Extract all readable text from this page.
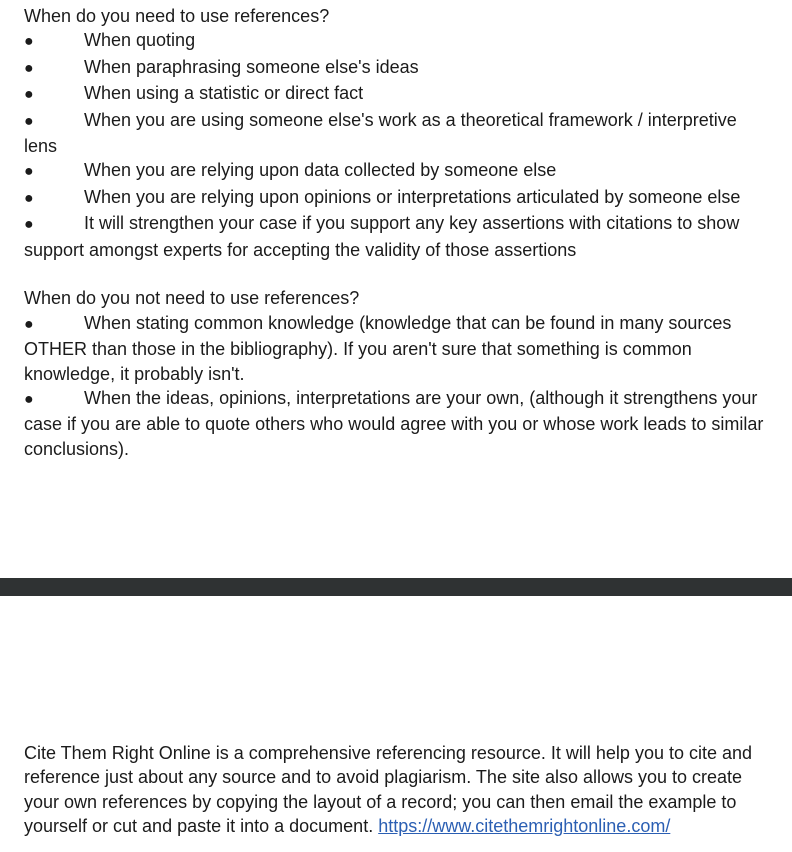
When do you need to use references?
●	When quoting
●	When paraphrasing someone else's ideas
●	When using a statistic or direct fact
●	When you are using someone else's work as a theoretical framework / interpretive lens
●	When you are relying upon data collected by someone else
●	When you are relying upon opinions or interpretations articulated by someone else
●	It will strengthen your case if you support any key assertions with citations to show support amongst experts for accepting the validity of those assertions
When do you not need to use references?
●	When stating common knowledge (knowledge that can be found in many sources OTHER than those in the bibliography). If you aren't sure that something is common knowledge, it probably isn't.
●	When the ideas, opinions, interpretations are your own, (although it strengthens your case if you are able to quote others who would agree with you or whose work leads to similar conclusions).
Cite Them Right Online is a comprehensive referencing resource. It will help you to cite and reference just about any source and to avoid plagiarism. The site also allows you to create your own references by copying the layout of a record; you can then email the example to yourself or cut and paste it into a document. https://www.citethemrightonline.com/
